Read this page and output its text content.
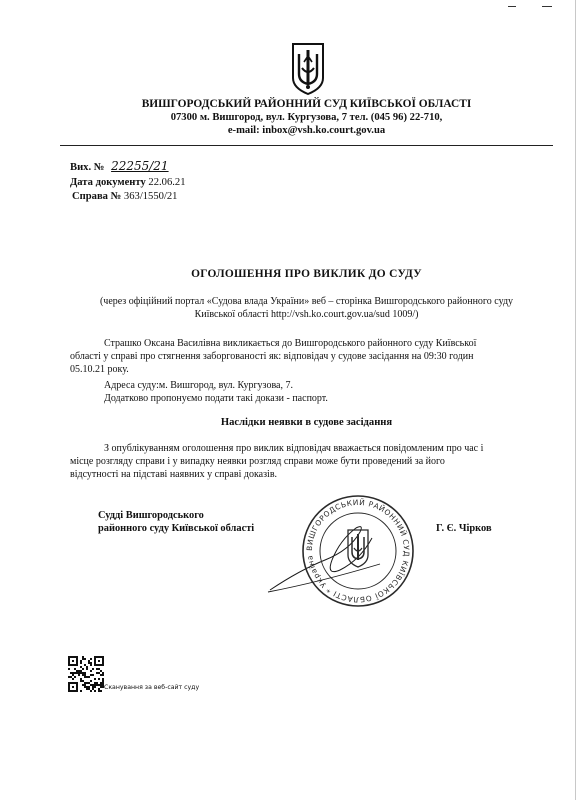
ВИШГОРОДСЬКИЙ РАЙОННИЙ СУД КИЇВСЬКОЇ ОБЛАСТІ
07300 м. Вишгород, вул. Кургузова, 7 тел. (045 96) 22-710,
e-mail: inbox@vsh.ko.court.gov.ua
Вих. № 22255/21
Дата документу 22.06.21
Справа № 363/1550/21
ОГОЛОШЕННЯ ПРО ВИКЛИК ДО СУДУ
(через офіційний портал «Судова влада України» веб – сторінка Вишгородського районного суду
Київської області http://vsh.ko.court.gov.ua/sud 1009/)
Страшко Оксана Василівна викликається до Вишгородського районного суду Київської
області у справі про стягнення заборгованості як: відповідач у судове засідання на 09:30 годин
05.10.21 року.
Адреса суду:м. Вишгород, вул. Кургузова, 7.
Додатково пропонуємо подати такі докази - паспорт.
Наслідки неявки в судове засідання
З опублікуванням оголошення про виклик відповідач вважається повідомленим про час і
місце розгляду справи і у випадку неявки розгляд справи може бути проведений за його
відсутності на підставі наявних у справі доказів.
Судді Вишгородського
районного суду Київської області	Г. Є. Чірков
ВИШГОРОДСЬКИЙ РАЙОННИЙ СУД КИЇВСЬКОЇ ОБЛАСТІ * Україна
Сканування за веб-сайт суду
